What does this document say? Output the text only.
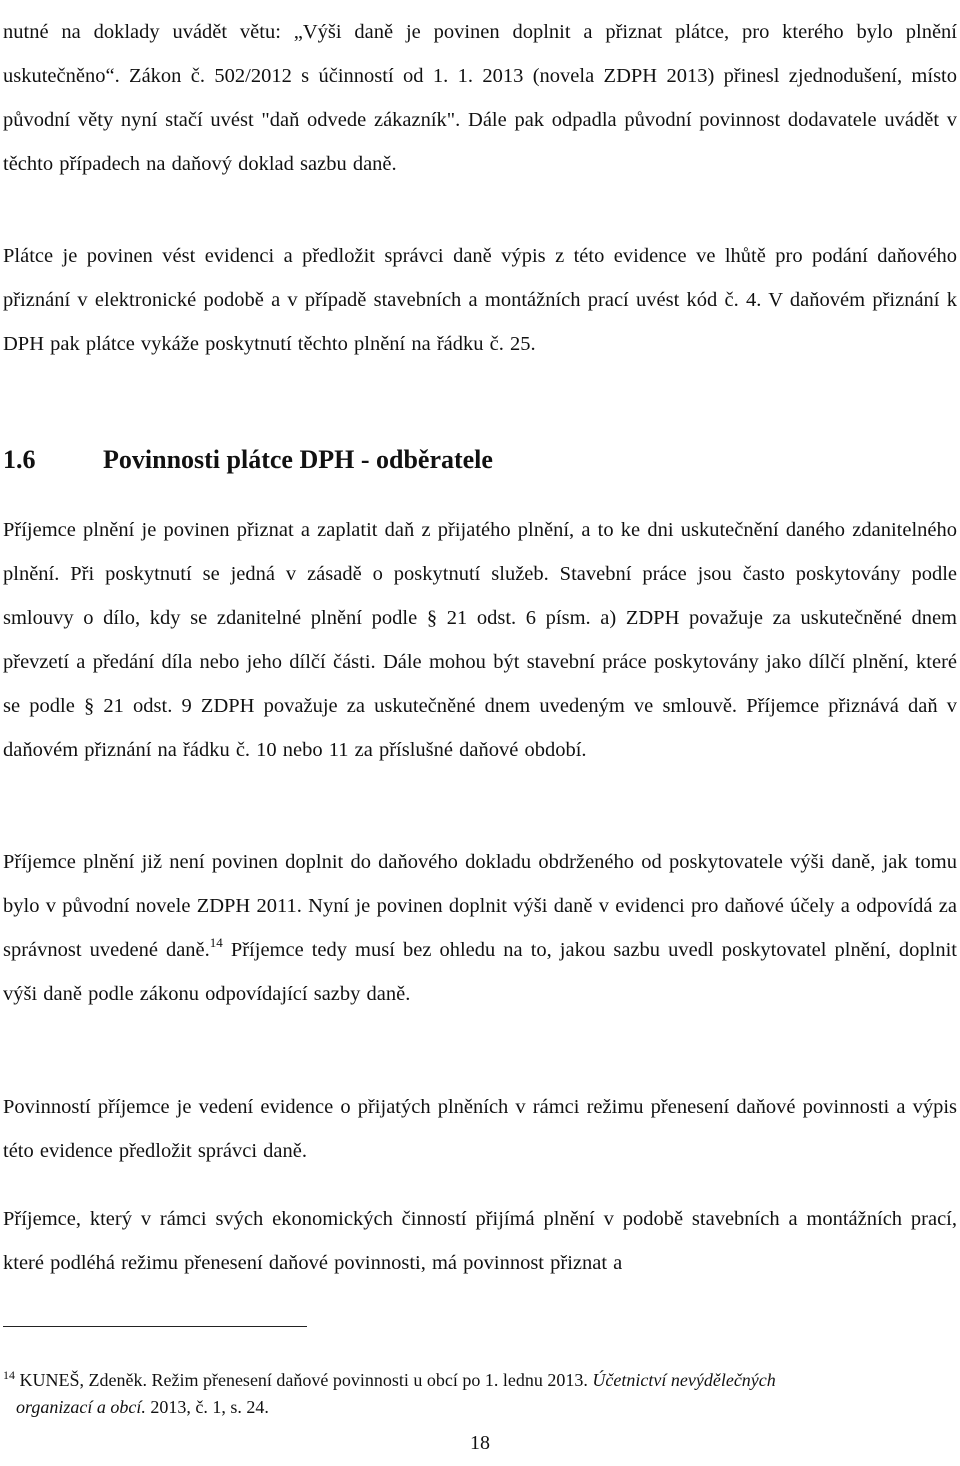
nutné na doklady uvádět větu: „Výši daně je povinen doplnit a přiznat plátce, pro kterého bylo plnění uskutečněno“. Zákon č. 502/2012 s účinností od 1. 1. 2013 (novela ZDPH 2013) přinesl zjednodušení, místo původní věty nyní stačí uvést "daň odvede zákazník". Dále pak odpadla původní povinnost dodavatele uvádět v těchto případech na daňový doklad sazbu daně.

Plátce je povinen vést evidenci a předložit správci daně výpis z této evidence ve lhůtě pro podání daňového přiznání v elektronické podobě a v případě stavebních a montážních prací uvést kód č. 4. V daňovém přiznání k DPH pak plátce vykáže poskytnutí těchto plnění na řádku č. 25.

1.6	Povinnosti plátce DPH - odběratele

Příjemce plnění je povinen přiznat a zaplatit daň z přijatého plnění, a to ke dni uskutečnění daného zdanitelného plnění. Při poskytnutí se jedná v zásadě o poskytnutí služeb. Stavební práce jsou často poskytovány podle smlouvy o dílo, kdy se zdanitelné plnění podle § 21 odst. 6 písm. a) ZDPH považuje za uskutečněné dnem převzetí a předání díla nebo jeho dílčí části. Dále mohou být stavební práce poskytovány jako dílčí plnění, které se podle § 21 odst. 9 ZDPH považuje za uskutečněné dnem uvedeným ve smlouvě. Příjemce přiznává daň v daňovém přiznání na řádku č. 10 nebo 11 za příslušné daňové období.

Příjemce plnění již není povinen doplnit do daňového dokladu obdrženého od poskytovatele výši daně, jak tomu bylo v původní novele ZDPH 2011. Nyní je povinen doplnit výši daně v evidenci pro daňové účely a odpovídá za správnost uvedené daně.$^{14}$ Příjemce tedy musí bez ohledu na to, jakou sazbu uvedl poskytovatel plnění, doplnit výši daně podle zákonu odpovídající sazby daně.

Povinností příjemce je vedení evidence o přijatých plněních v rámci režimu přenesení daňové povinnosti a výpis této evidence předložit správci daně.

Příjemce, který v rámci svých ekonomických činností přijímá plnění v podobě stavebních a montážních prací, které podléhá režimu přenesení daňové povinnosti, má povinnost přiznat a

$^{14}$ KUNEŠ, Zdeněk. Režim přenesení daňové povinnosti u obcí po 1. lednu 2013. Účetnictví nevýdělečných
organizací a obcí. 2013, č. 1, s. 24.

18
